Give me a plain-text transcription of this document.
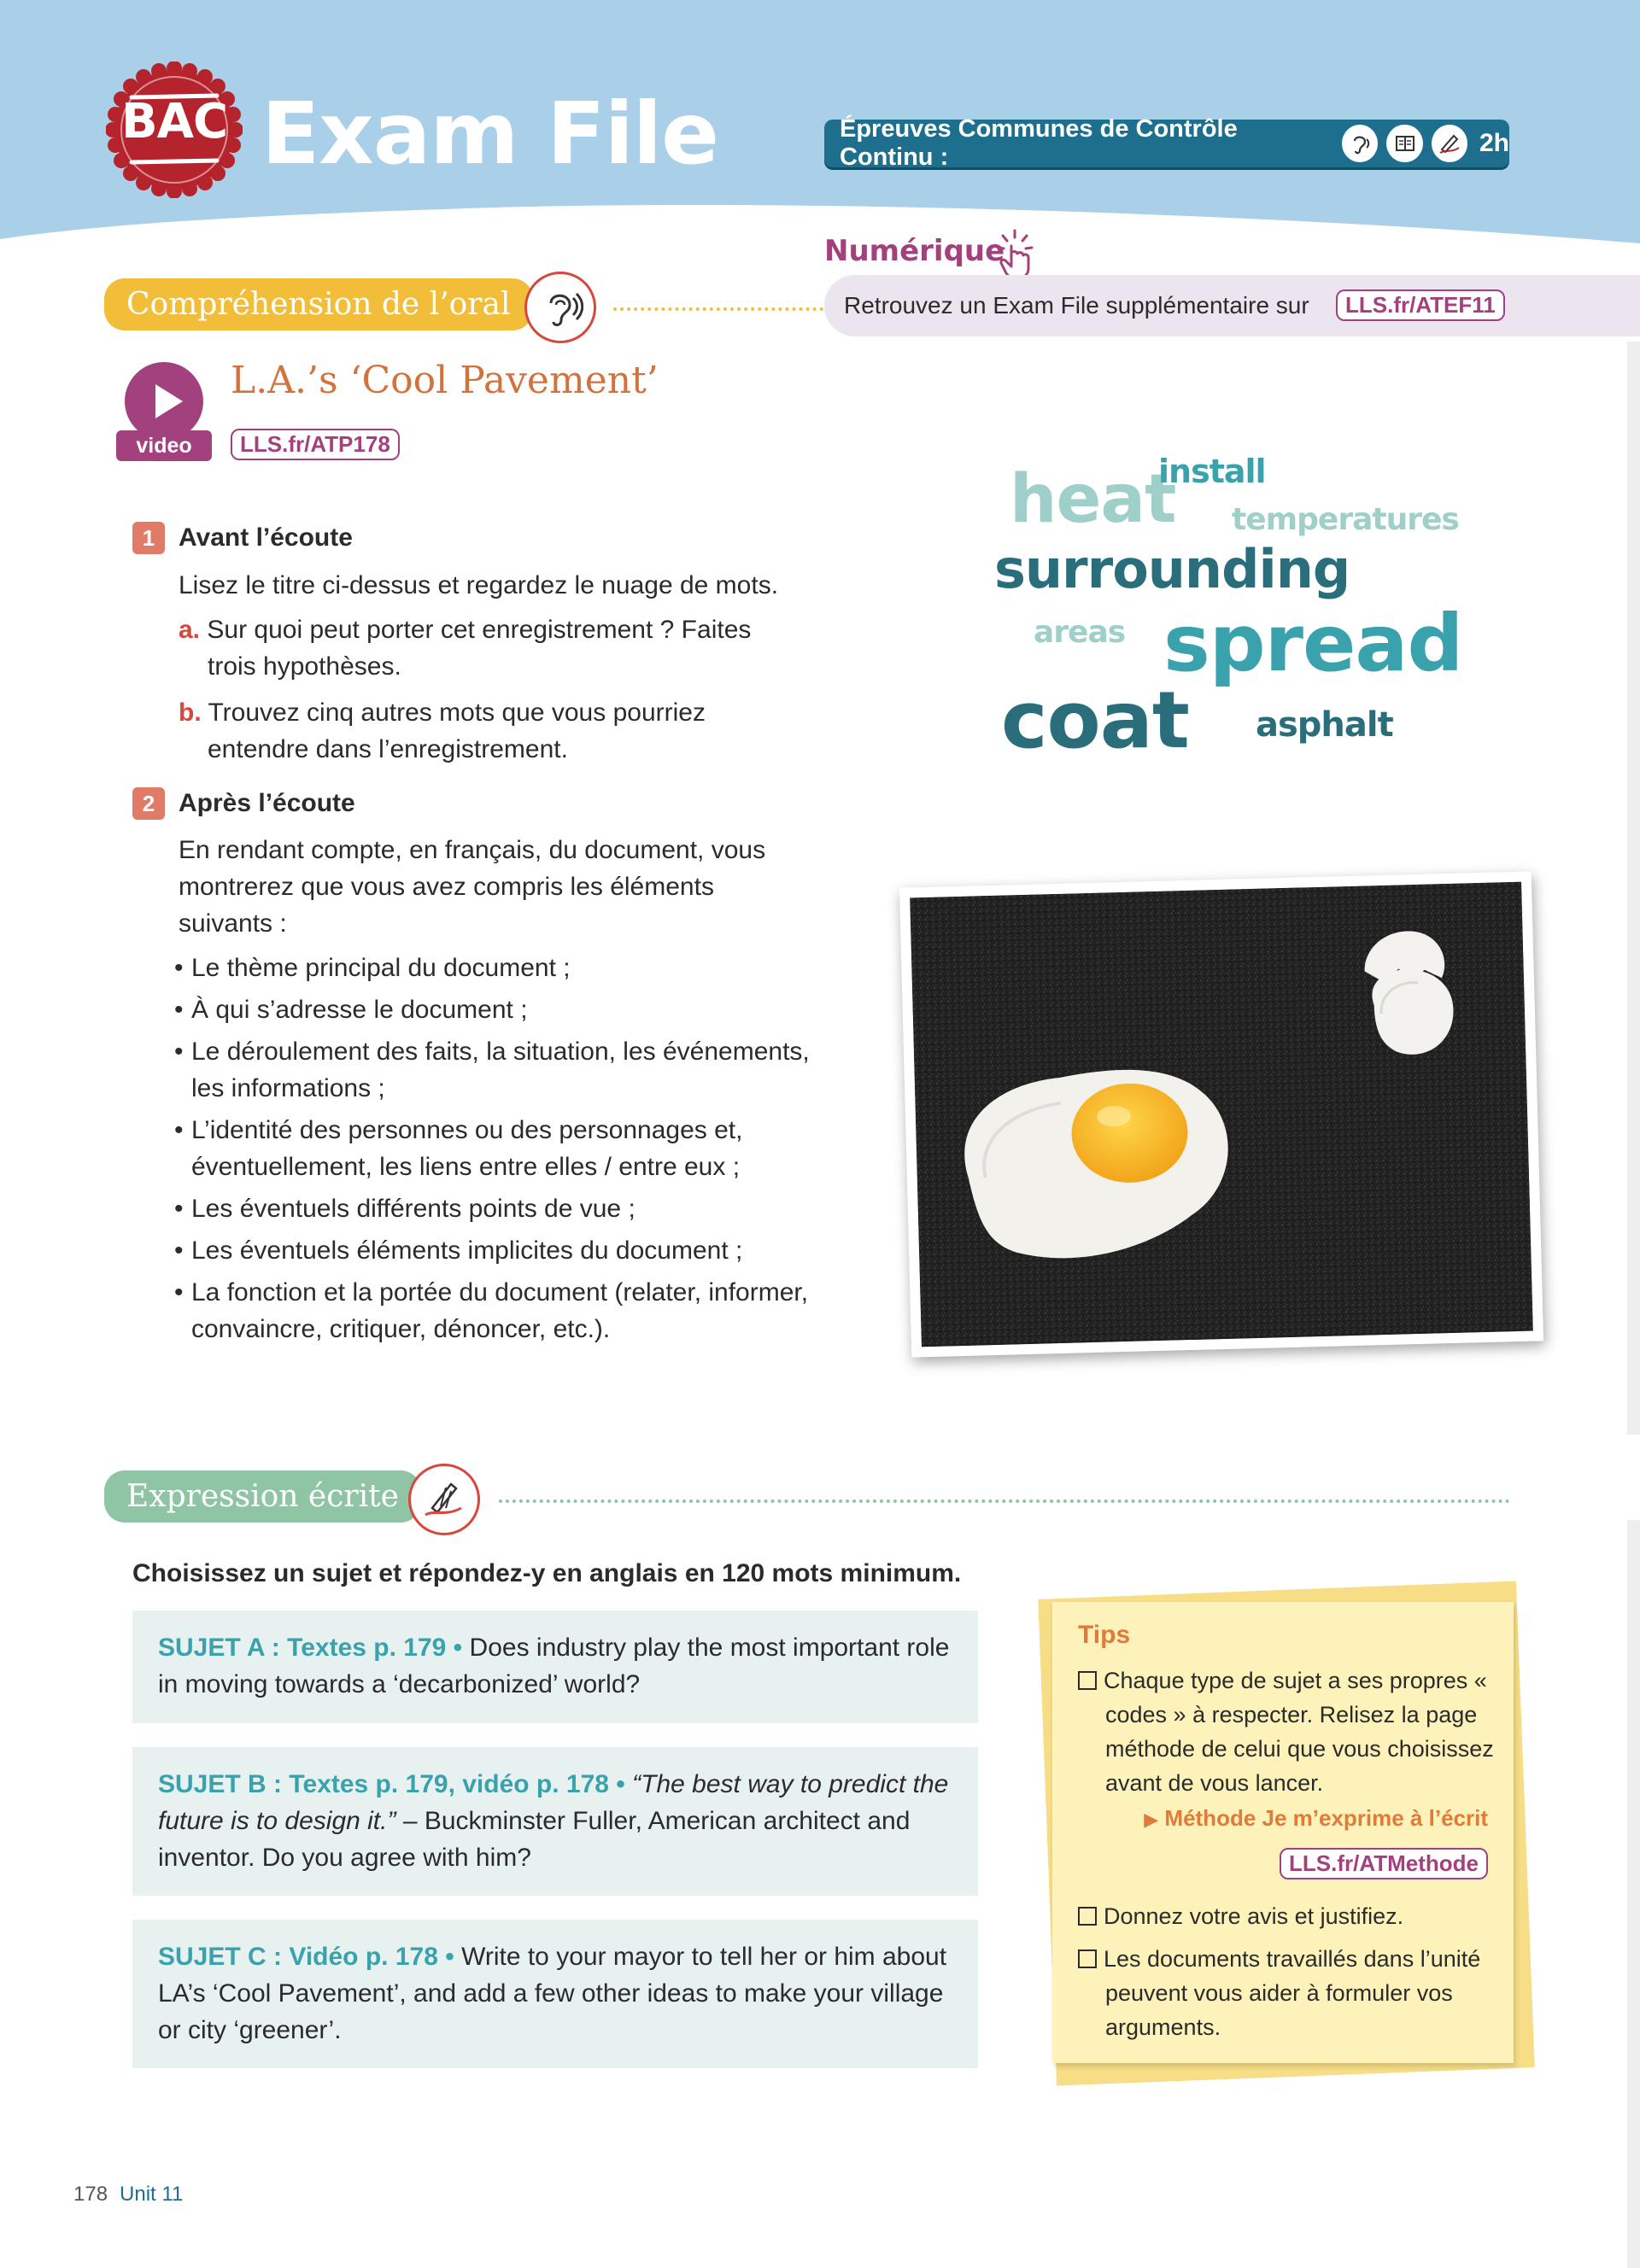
BAC Exam File	Épreuves Communes de Contrôle Continu :	2h
Numérique
Retrouvez un Exam File supplémentaire sur	LLS.fr/ATEF11
Compréhension de l’oral
video
L.A.’s ‘Cool Pavement’
LLS.fr/ATP178
1 Avant l’écoute
Lisez le titre ci-dessus et regardez le nuage de mots.
a. Sur quoi peut porter cet enregistrement ? Faites
trois hypothèses.
b. Trouvez cinq autres mots que vous pourriez
entendre dans l’enregistrement.
2 Après l’écoute
En rendant compte, en français, du document, vous
montrerez que vous avez compris les éléments
suivants :
• Le thème principal du document ;
• À qui s’adresse le document ;
• Le déroulement des faits, la situation, les événements, les informations ;
• L’identité des personnes ou des personnages et, éventuellement, les liens entre elles / entre eux ;
• Les éventuels différents points de vue ;
• Les éventuels éléments implicites du document ;
• La fonction et la portée du document (relater, informer, convaincre, critiquer, dénoncer, etc.).
heat
install
temperatures
surrounding
areas spread
coat asphalt
Expression écrite
Choisissez un sujet et répondez-y en anglais en 120 mots minimum.
SUJET A : Textes p. 179 • Does industry play the most important role in moving towards a ‘decarbonized’ world?
SUJET B : Textes p. 179, vidéo p. 178 • “The best way to predict the future is to design it.” – Buckminster Fuller, American architect and inventor. Do you agree with him?
SUJET C : Vidéo p. 178 • Write to your mayor to tell her or him about LA’s ‘Cool Pavement’, and add a few other ideas to make your village or city ‘greener’.
Tips
Chaque type de sujet a ses propres « codes » à respecter. Relisez la page méthode de celui que vous choisissez avant de vous lancer.
▶ Méthode Je m’exprime à l’écrit
LLS.fr/ATMethode
Donnez votre avis et justifiez.
Les documents travaillés dans l’unité peuvent vous aider à formuler vos arguments.
178 Unit 11
